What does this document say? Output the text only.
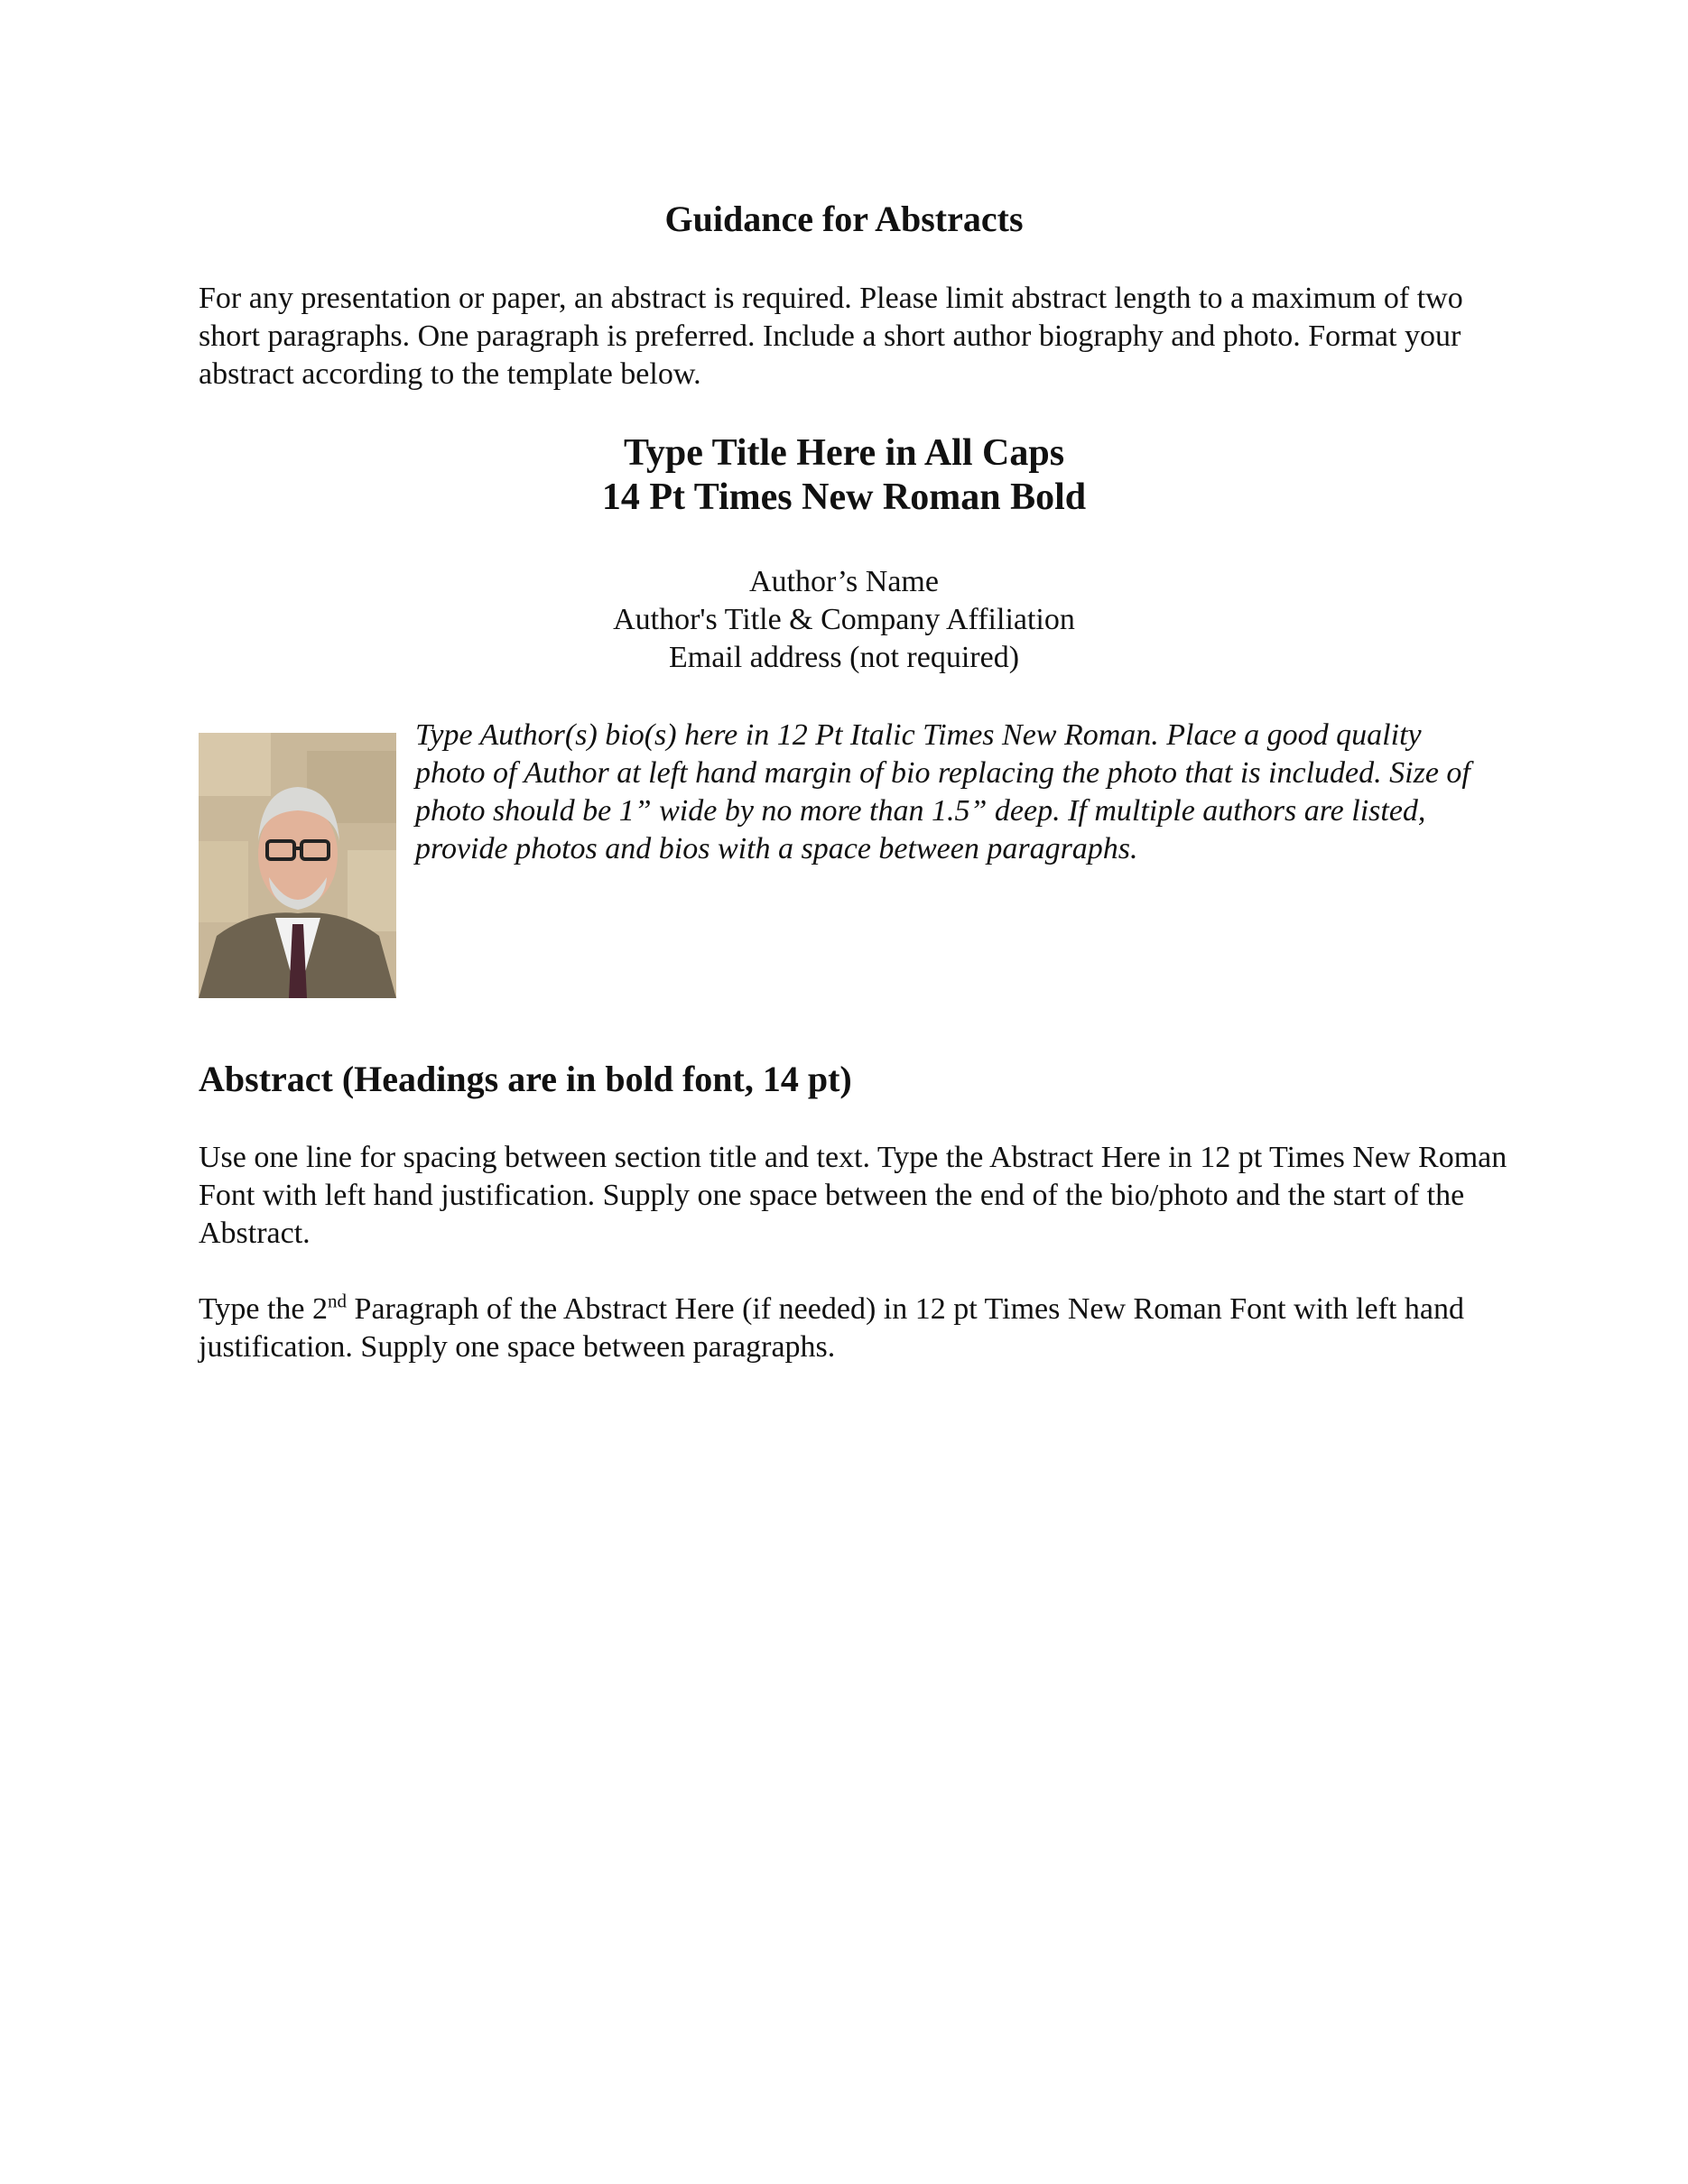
Guidance for Abstracts

For any presentation or paper, an abstract is required. Please limit abstract length to a maximum of two short paragraphs. One paragraph is preferred. Include a short author biography and photo. Format your abstract according to the template below.

Type Title Here in All Caps
14 Pt Times New Roman Bold
Author’s Name
Author's Title & Company Affiliation
Email address (not required)

Type Author(s) bio(s) here in 12 Pt Italic Times New Roman. Place a good quality photo of Author at left hand margin of bio replacing the photo that is included. Size of photo should be 1” wide by no more than 1.5” deep. If multiple authors are listed, provide photos and bios with a space between paragraphs.

Abstract (Headings are in bold font, 14 pt)

Use one line for spacing between section title and text. Type the Abstract Here in 12 pt Times New Roman Font with left hand justification. Supply one space between the end of the bio/photo and the start of the Abstract.

Type the 2nd Paragraph of the Abstract Here (if needed) in 12 pt Times New Roman Font with left hand justification. Supply one space between paragraphs.
